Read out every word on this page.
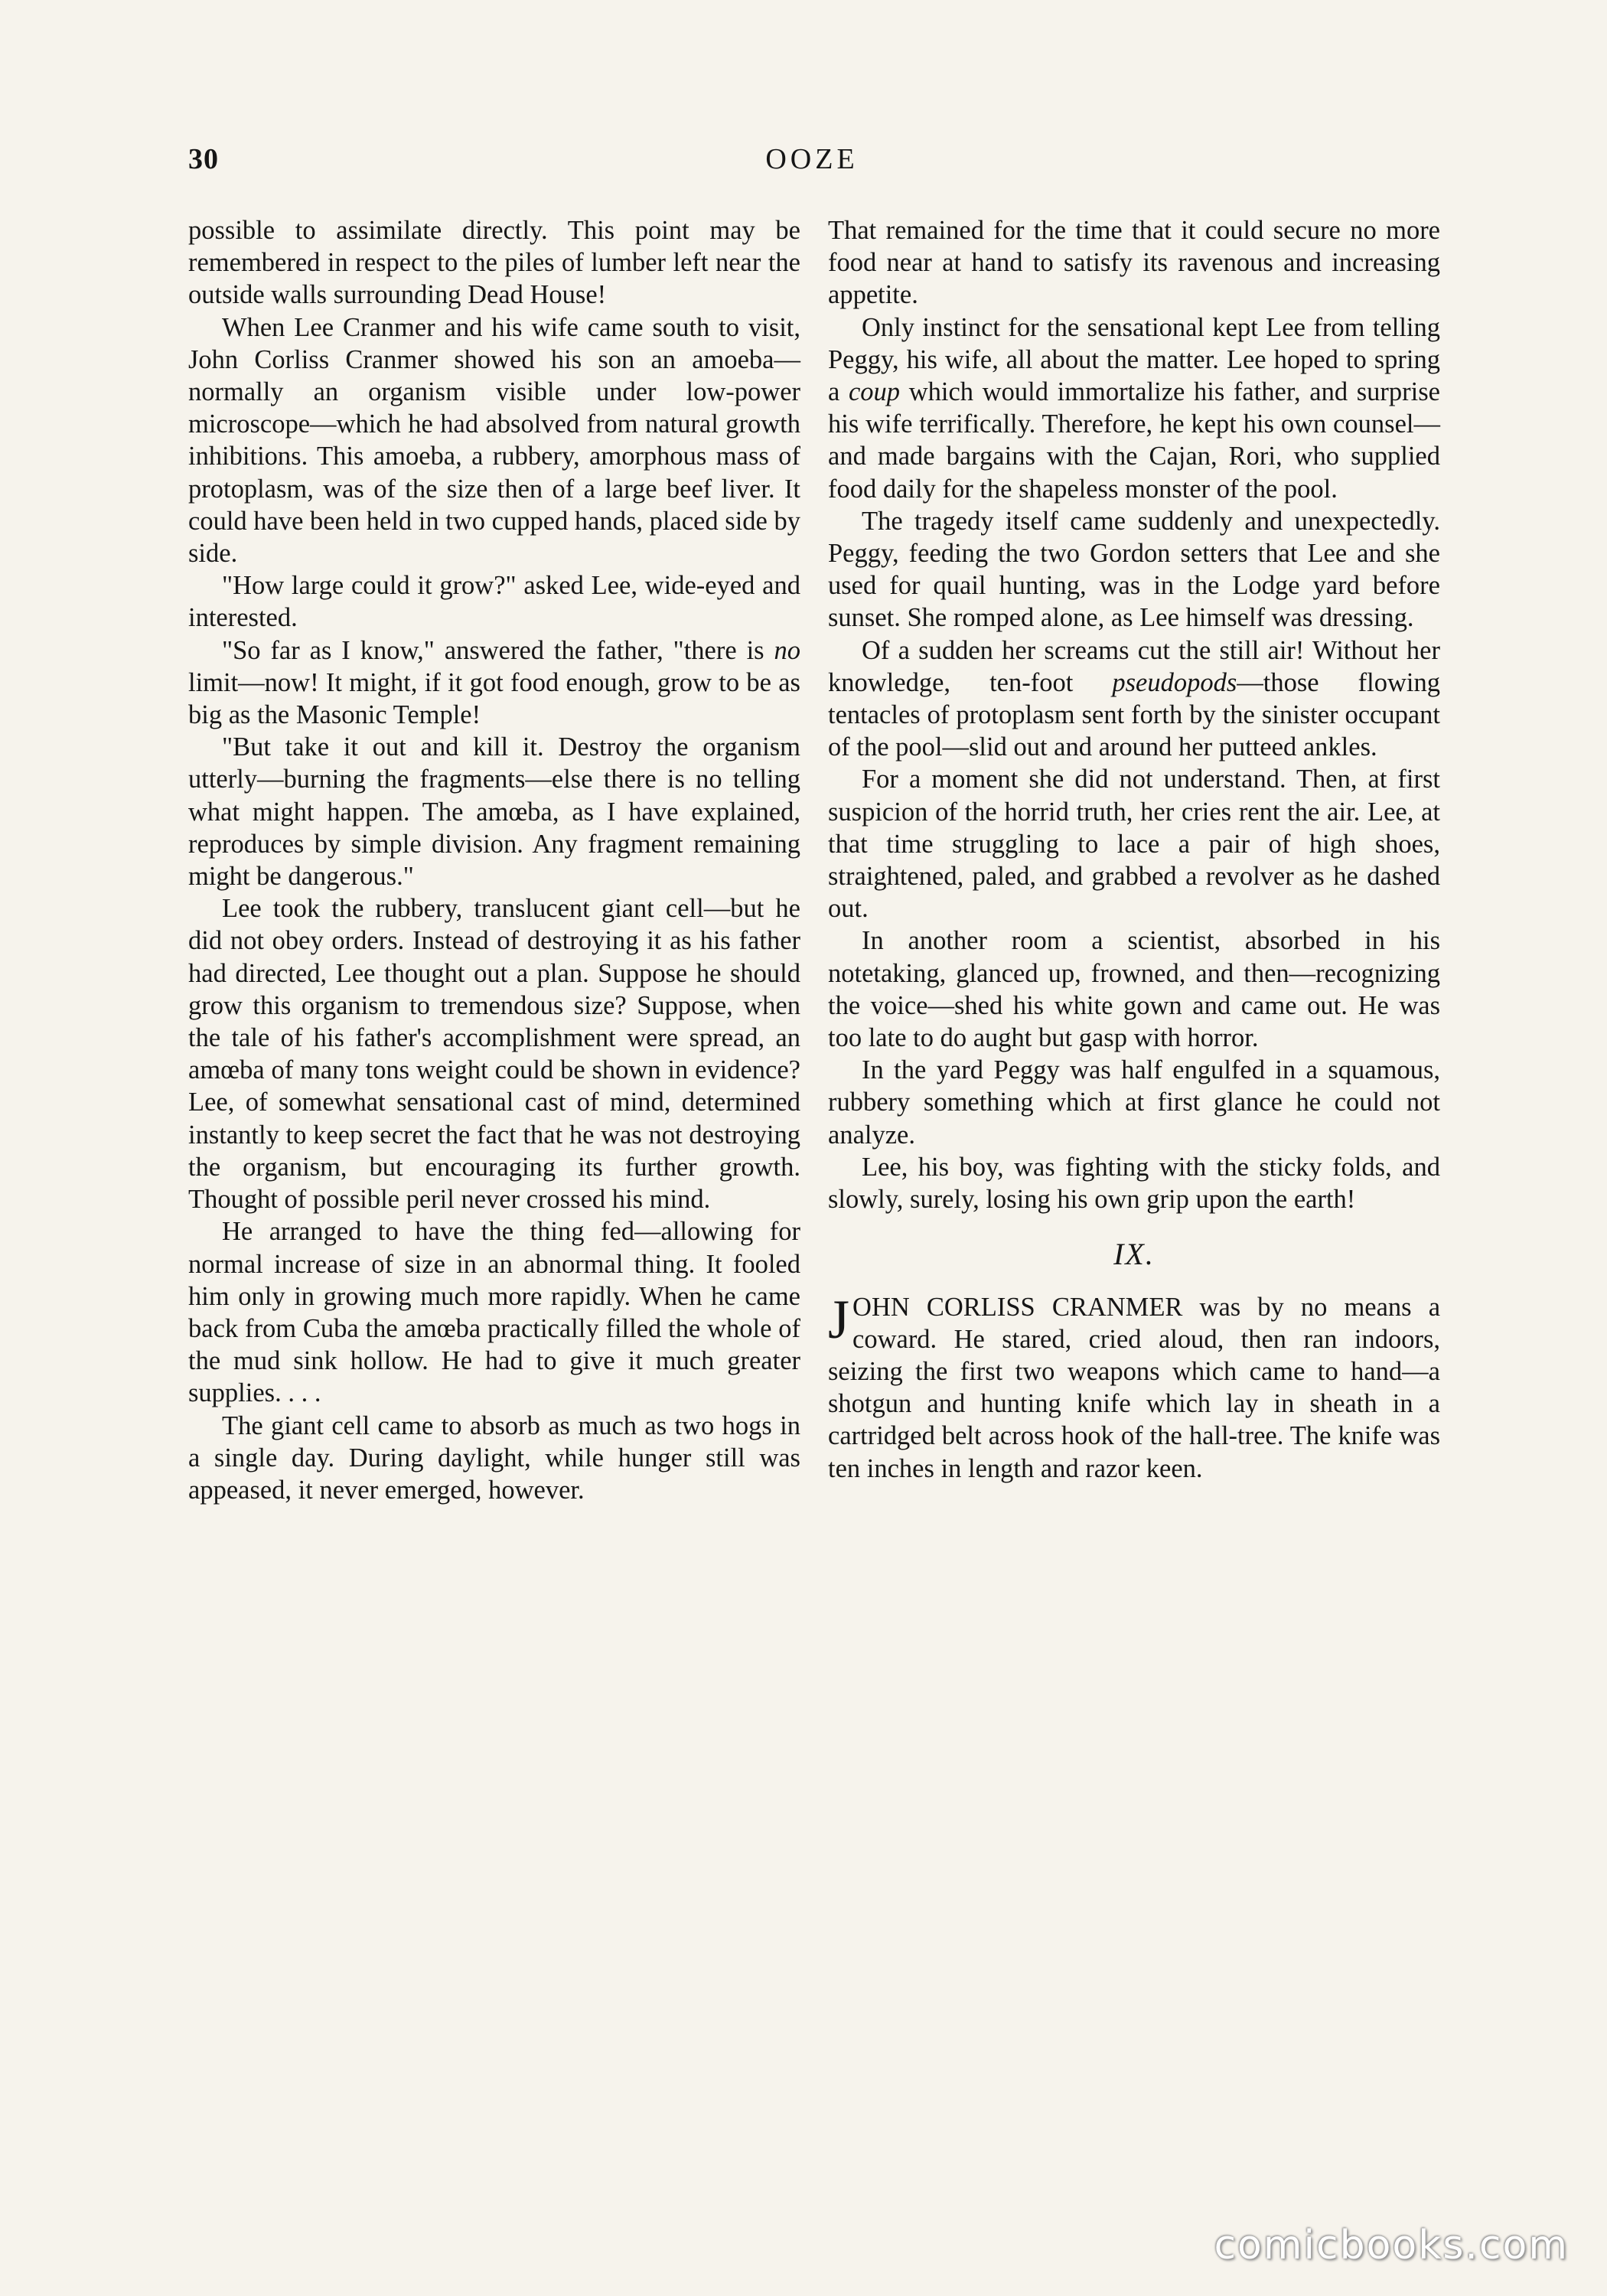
30	OOZE

possible to assimilate directly. This point may be remembered in respect to the piles of lumber left near the outside walls surrounding Dead House!

When Lee Cranmer and his wife came south to visit, John Corliss Cranmer showed his son an amoeba—normally an organism visible under low-power microscope—which he had absolved from natural growth inhibitions. This amoeba, a rubbery, amorphous mass of protoplasm, was of the size then of a large beef liver. It could have been held in two cupped hands, placed side by side.

"How large could it grow?" asked Lee, wide-eyed and interested.

"So far as I know," answered the father, "there is no limit—now! It might, if it got food enough, grow to be as big as the Masonic Temple!

"But take it out and kill it. Destroy the organism utterly—burning the fragments—else there is no telling what might happen. The amœba, as I have explained, reproduces by simple division. Any fragment remaining might be dangerous."

Lee took the rubbery, translucent giant cell—but he did not obey orders. Instead of destroying it as his father had directed, Lee thought out a plan. Suppose he should grow this organism to tremendous size? Suppose, when the tale of his father's accomplishment were spread, an amœba of many tons weight could be shown in evidence? Lee, of somewhat sensational cast of mind, determined instantly to keep secret the fact that he was not destroying the organism, but encouraging its further growth. Thought of possible peril never crossed his mind.

He arranged to have the thing fed—allowing for normal increase of size in an abnormal thing. It fooled him only in growing much more rapidly. When he came back from Cuba the amœba practically filled the whole of the mud sink hollow. He had to give it much greater supplies. . . .

The giant cell came to absorb as much as two hogs in a single day. During daylight, while hunger still was appeased, it never emerged, however.

That remained for the time that it could secure no more food near at hand to satisfy its ravenous and increasing appetite.

Only instinct for the sensational kept Lee from telling Peggy, his wife, all about the matter. Lee hoped to spring a coup which would immortalize his father, and surprise his wife terrifically. Therefore, he kept his own counsel—and made bargains with the Cajan, Rori, who supplied food daily for the shapeless monster of the pool.

The tragedy itself came suddenly and unexpectedly. Peggy, feeding the two Gordon setters that Lee and she used for quail hunting, was in the Lodge yard before sunset. She romped alone, as Lee himself was dressing.

Of a sudden her screams cut the still air! Without her knowledge, ten-foot pseudopods—those flowing tentacles of protoplasm sent forth by the sinister occupant of the pool—slid out and around her putteed ankles.

For a moment she did not understand. Then, at first suspicion of the horrid truth, her cries rent the air. Lee, at that time struggling to lace a pair of high shoes, straightened, paled, and grabbed a revolver as he dashed out.

In another room a scientist, absorbed in his notetaking, glanced up, frowned, and then—recognizing the voice—shed his white gown and came out. He was too late to do aught but gasp with horror.

In the yard Peggy was half engulfed in a squamous, rubbery something which at first glance he could not analyze.

Lee, his boy, was fighting with the sticky folds, and slowly, surely, losing his own grip upon the earth!

IX.

JOHN CORLISS CRANMER was by no means a coward. He stared, cried aloud, then ran indoors, seizing the first two weapons which came to hand—a shotgun and hunting knife which lay in sheath in a cartridged belt across hook of the hall-tree. The knife was ten inches in length and razor keen.

comicbooks.com
